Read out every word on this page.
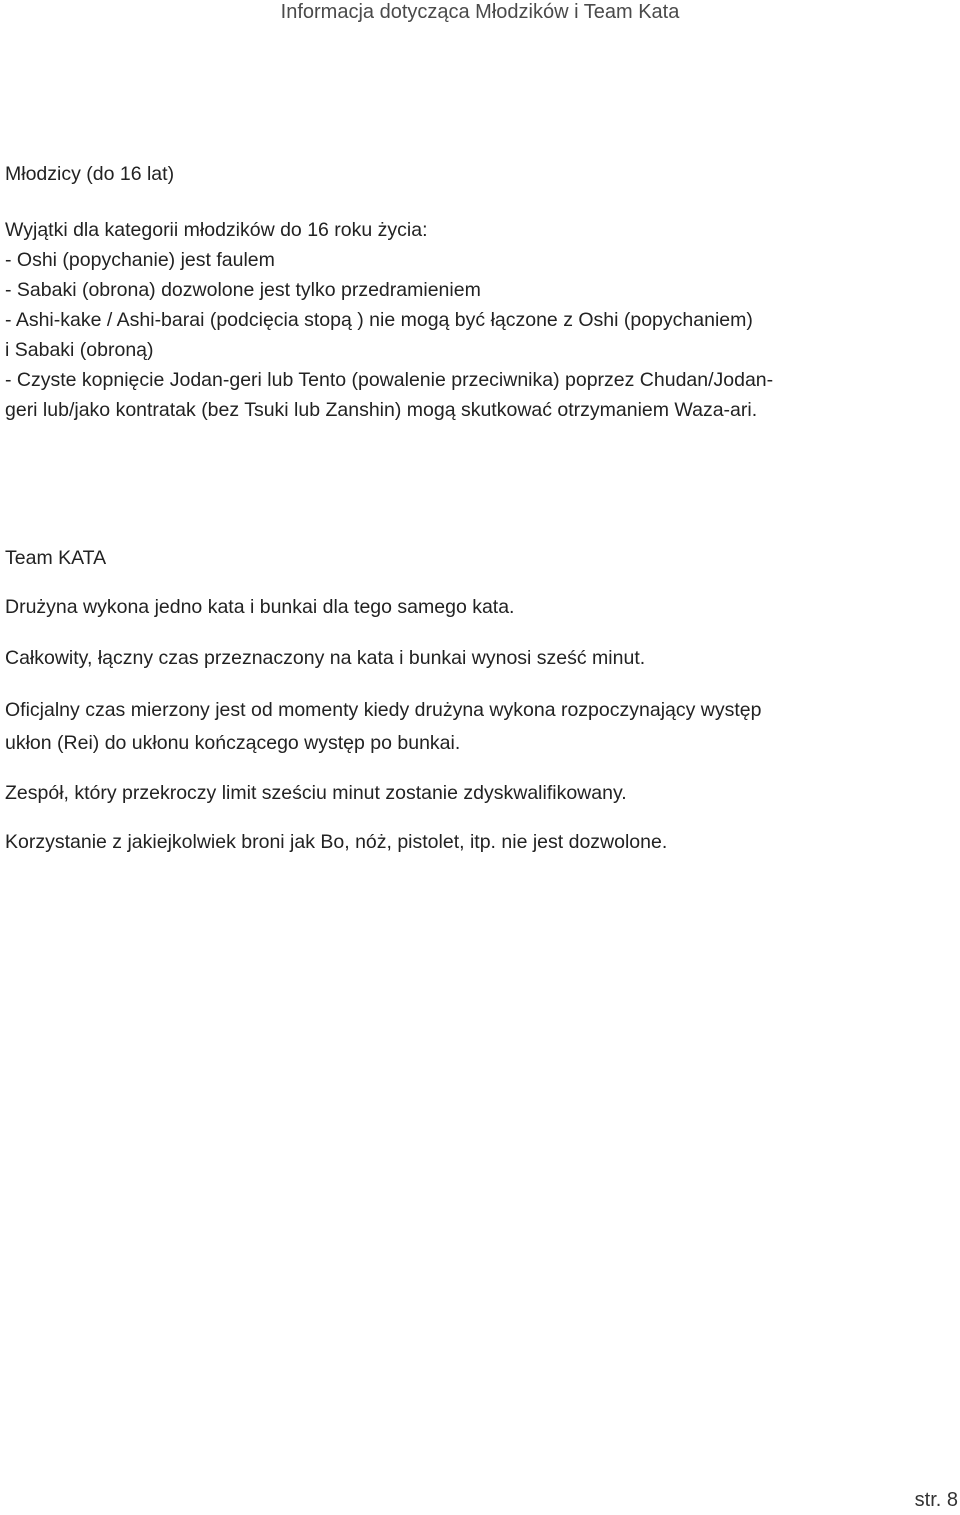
Informacja dotycząca Młodzików i Team Kata
Młodzicy (do 16 lat)
Wyjątki dla kategorii młodzików do 16 roku życia:
- Oshi (popychanie) jest faulem
- Sabaki (obrona) dozwolone jest tylko przedramieniem
- Ashi-kake / Ashi-barai (podcięcia stopą ) nie mogą być łączone z Oshi (popychaniem)
i Sabaki (obroną)
- Czyste kopnięcie Jodan-geri lub Tento (powalenie przeciwnika) poprzez Chudan/Jodan-
geri lub/jako kontratak (bez Tsuki lub Zanshin) mogą skutkować otrzymaniem Waza-ari.
Team KATA
Drużyna wykona jedno kata i bunkai dla tego samego kata.
Całkowity, łączny czas przeznaczony na kata i bunkai wynosi sześć minut.
Oficjalny czas mierzony jest od momenty kiedy drużyna wykona rozpoczynający występ
ukłon (Rei) do ukłonu kończącego występ po bunkai.
Zespół, który przekroczy limit sześciu minut zostanie zdyskwalifikowany.
Korzystanie z jakiejkolwiek broni jak Bo, nóż, pistolet, itp. nie jest dozwolone.
str. 8
